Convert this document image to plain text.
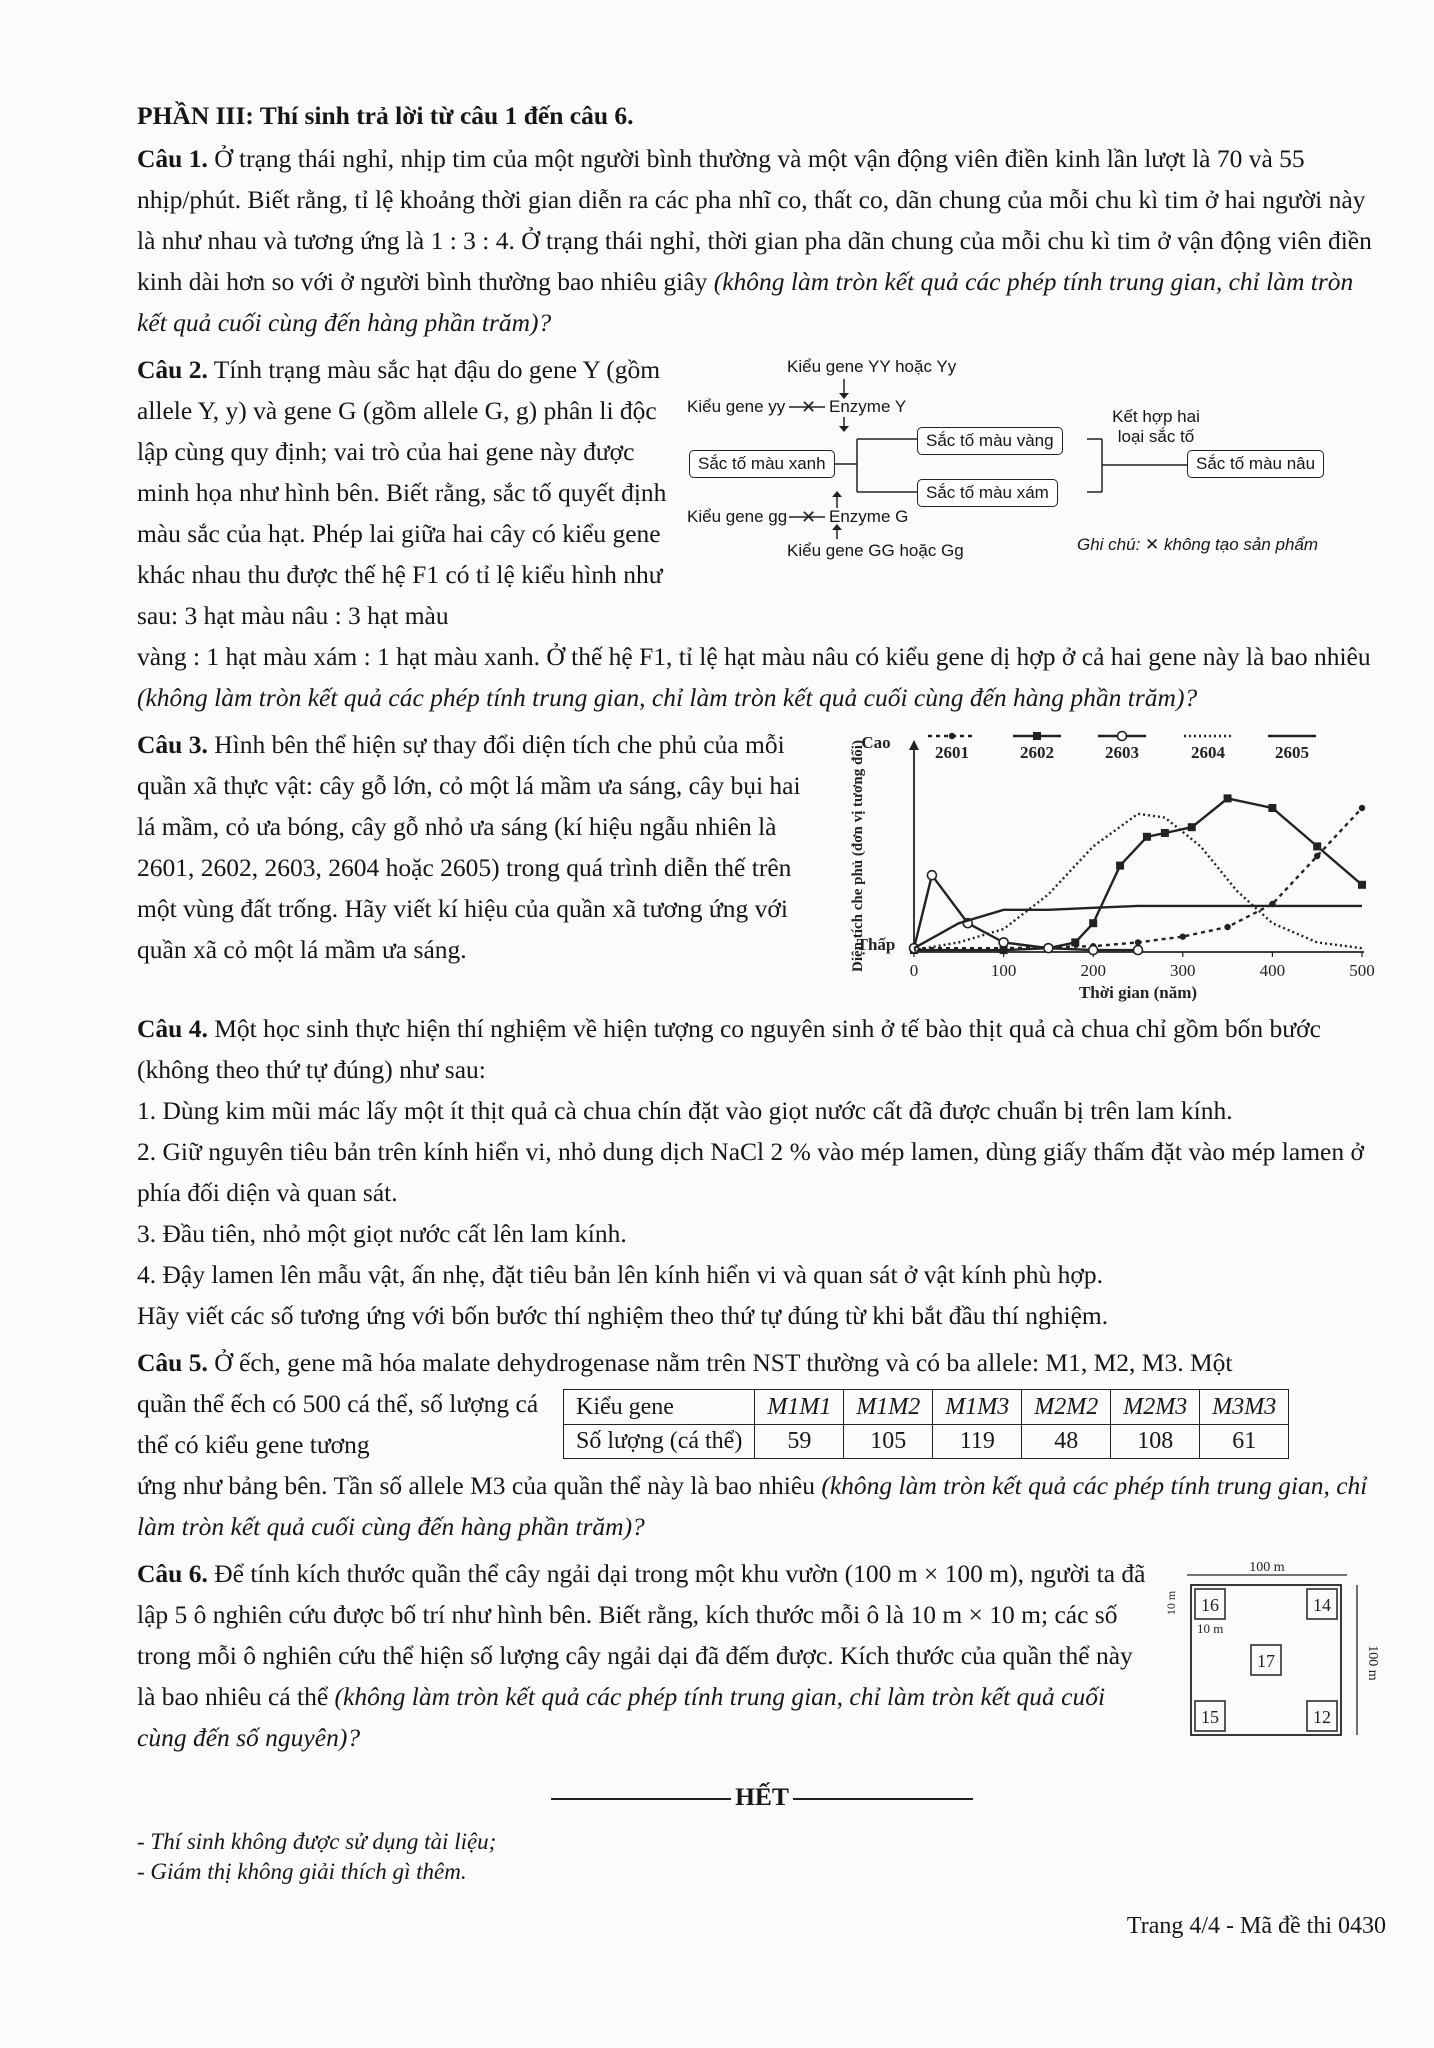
PHẦN III: Thí sinh trả lời từ câu 1 đến câu 6.

Câu 1. Ở trạng thái nghỉ, nhịp tim của một người bình thường và một vận động viên điền kinh lần lượt là 70 và 55 nhịp/phút. Biết rằng, tỉ lệ khoảng thời gian diễn ra các pha nhĩ co, thất co, dãn chung của mỗi chu kì tim ở hai người này là như nhau và tương ứng là 1 : 3 : 4. Ở trạng thái nghỉ, thời gian pha dãn chung của mỗi chu kì tim ở vận động viên điền kinh dài hơn so với ở người bình thường bao nhiêu giây (không làm tròn kết quả các phép tính trung gian, chỉ làm tròn kết quả cuối cùng đến hàng phần trăm)?

Câu 2. Tính trạng màu sắc hạt đậu do gene Y (gồm allele Y, y) và gene G (gồm allele G, g) phân li độc lập cùng quy định; vai trò của hai gene này được minh họa như hình bên. Biết rằng, sắc tố quyết định màu sắc của hạt. Phép lai giữa hai cây có kiểu gene khác nhau thu được thế hệ F1 có tỉ lệ kiểu hình như sau: 3 hạt màu nâu : 3 hạt màu

✕
✕
Kiểu gene YY hoặc Yy
Kiểu gene yy	Enzyme Y
Sắc tố màu vàng
Kết hợp hai loại sắc tố
Sắc tố màu xanh	Sắc tố màu nâu
Sắc tố màu xám
Kiểu gene gg Enzyme G
Kiểu gene GG hoặc Gg	Ghi chú: ✕ không tạo sản phẩm

vàng : 1 hạt màu xám : 1 hạt màu xanh. Ở thế hệ F1, tỉ lệ hạt màu nâu có kiểu gene dị hợp ở cả hai gene này là bao nhiêu (không làm tròn kết quả các phép tính trung gian, chỉ làm tròn kết quả cuối cùng đến hàng phần trăm)?

Câu 3. Hình bên thể hiện sự thay đổi diện tích che phủ của mỗi quần xã thực vật: cây gỗ lớn, cỏ một lá mầm ưa sáng, cây bụi hai lá mầm, cỏ ưa bóng, cây gỗ nhỏ ưa sáng (kí hiệu ngẫu nhiên là 2601, 2602, 2603, 2604 hoặc 2605) trong quá trình diễn thế trên một vùng đất trống. Hãy viết kí hiệu của quần xã tương ứng với quần xã cỏ một lá mầm ưa sáng.

Cao
Thấp
Diện tích che phủ (đơn vị tương đối)	0	100	200	300	400	500
Thời gian (năm)
2601	2602	2603	2604	2605

Câu 4. Một học sinh thực hiện thí nghiệm về hiện tượng co nguyên sinh ở tế bào thịt quả cà chua chỉ gồm bốn bước (không theo thứ tự đúng) như sau:

1. Dùng kim mũi mác lấy một ít thịt quả cà chua chín đặt vào giọt nước cất đã được chuẩn bị trên lam kính.

2. Giữ nguyên tiêu bản trên kính hiển vi, nhỏ dung dịch NaCl 2 % vào mép lamen, dùng giấy thấm đặt vào mép lamen ở phía đối diện và quan sát.

3. Đầu tiên, nhỏ một giọt nước cất lên lam kính.

4. Đậy lamen lên mẫu vật, ấn nhẹ, đặt tiêu bản lên kính hiển vi và quan sát ở vật kính phù hợp.

Hãy viết các số tương ứng với bốn bước thí nghiệm theo thứ tự đúng từ khi bắt đầu thí nghiệm.

Câu 5. Ở ếch, gene mã hóa malate dehydrogenase nằm trên NST thường và có ba allele: M1, M2, M3. Một

quần thể ếch có 500 cá thể, số lượng cá thể có kiểu gene tương

Kiểu gene	M1M1	M1M2	M1M3	M2M2	M2M3	M3M3
Số lượng (cá thể)	59	105	119	48	108	61

ứng như bảng bên. Tần số allele M3 của quần thể này là bao nhiêu (không làm tròn kết quả các phép tính trung gian, chỉ làm tròn kết quả cuối cùng đến hàng phần trăm)?

Câu 6. Để tính kích thước quần thể cây ngải dại trong một khu vườn (100 m × 100 m), người ta đã lập 5 ô nghiên cứu được bố trí như hình bên. Biết rằng, kích thước mỗi ô là 10 m × 10 m; các số trong mỗi ô nghiên cứu thể hiện số lượng cây ngải dại đã đếm được. Kích thước của quần thể này là bao nhiêu cá thể (không làm tròn kết quả các phép tính trung gian, chỉ làm tròn kết quả cuối cùng đến số nguyên)?

100 m
100 m
10 m 16	14
10 m
17
15	12
HẾT

- Thí sinh không được sử dụng tài liệu;

- Giám thị không giải thích gì thêm.

Trang 4/4 - Mã đề thi 0430
